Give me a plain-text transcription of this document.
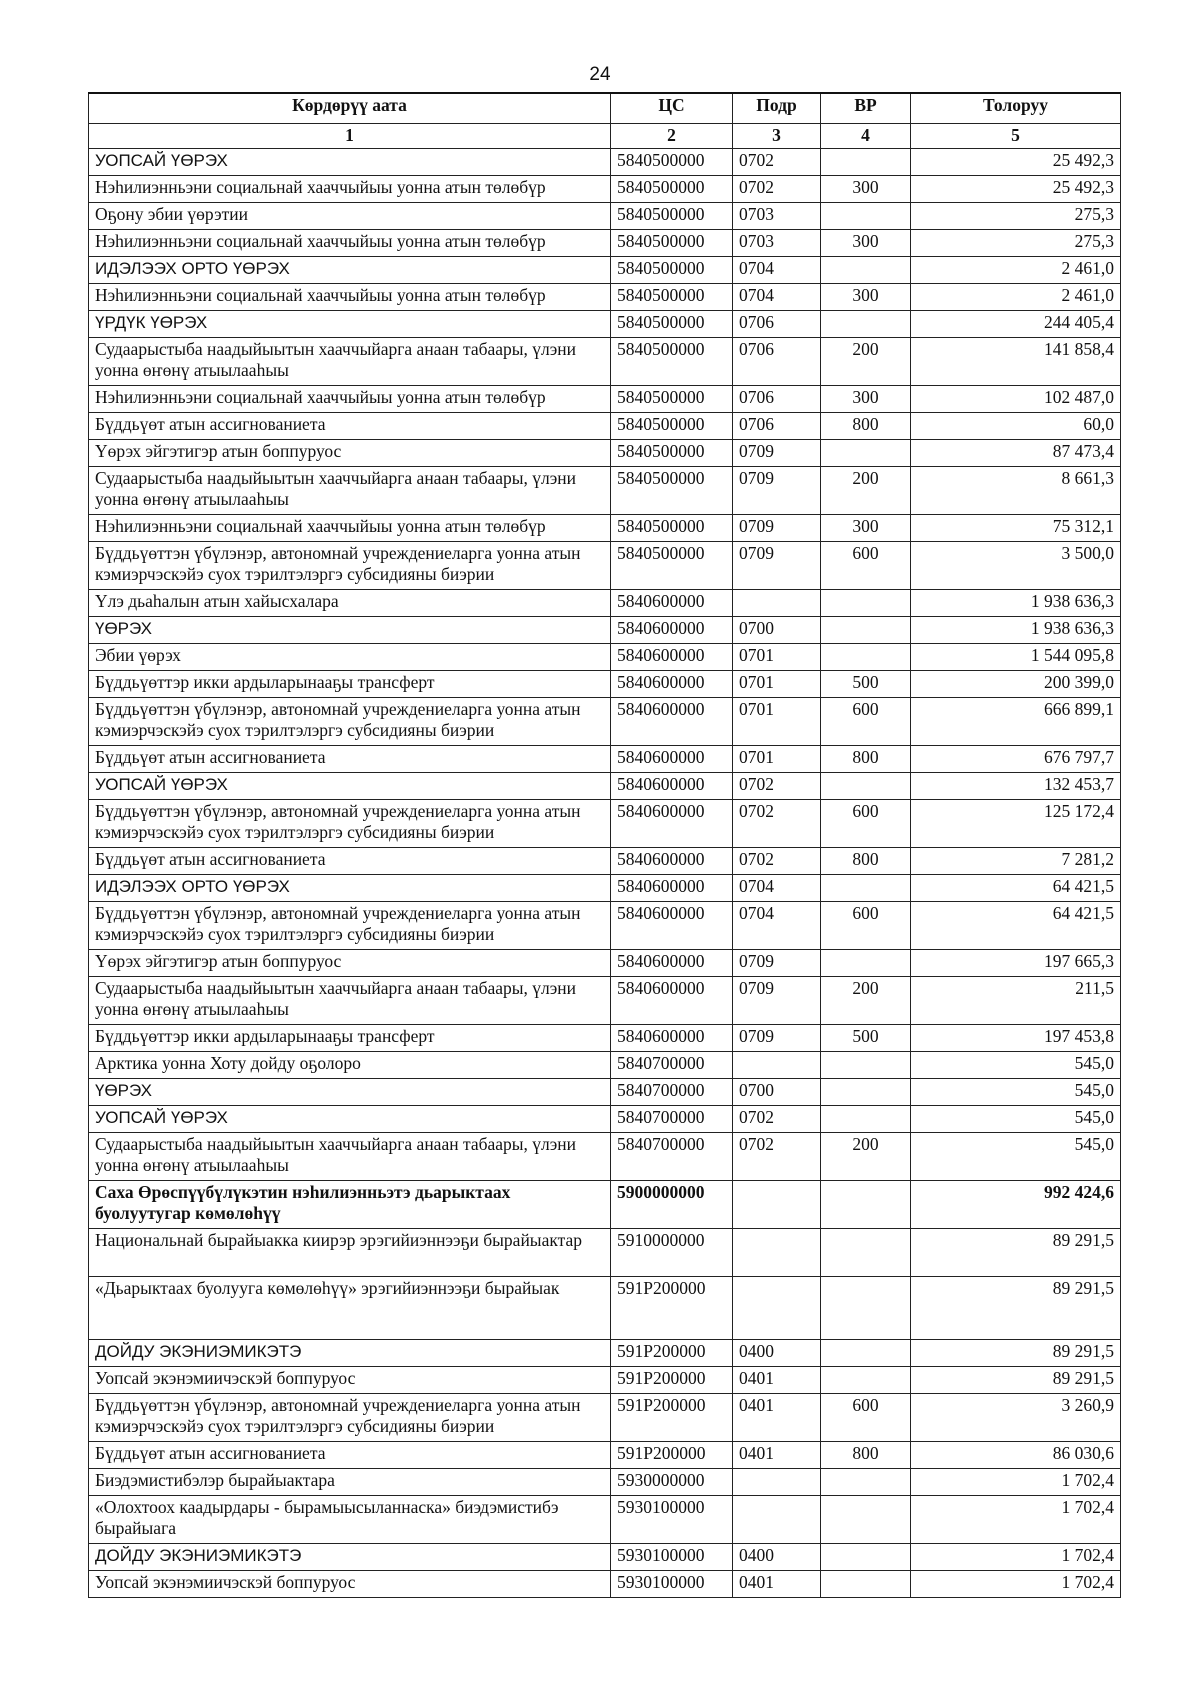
24
Көрдөрүү аата	ЦС	Подр	ВР	Толоруу
1	2	3	4	5
УОПСАЙ ҮӨРЭХ	5840500000	0702		25 492,3
Нэһилиэнньэни социальнай хааччыйыы уонна атын төлөбүр	5840500000	0702	300	25 492,3
Оҕону эбии үөрэтии	5840500000	0703		275,3
Нэһилиэнньэни социальнай хааччыйыы уонна атын төлөбүр	5840500000	0703	300	275,3
ИДЭЛЭЭХ ОРТО ҮӨРЭХ	5840500000	0704		2 461,0
Нэһилиэнньэни социальнай хааччыйыы уонна атын төлөбүр	5840500000	0704	300	2 461,0
ҮРДҮК ҮӨРЭХ	5840500000	0706		244 405,4
Судаарыстыба наадыйыытын хааччыйарга анаан табаары, үлэни уонна өҥөнү атыылааһыы	5840500000	0706	200	141 858,4
Нэһилиэнньэни социальнай хааччыйыы уонна атын төлөбүр	5840500000	0706	300	102 487,0
Бүддьүөт атын ассигнованиета	5840500000	0706	800	60,0
Үөрэх эйгэтигэр атын боппуруос	5840500000	0709		87 473,4
Судаарыстыба наадыйыытын хааччыйарга анаан табаары, үлэни уонна өҥөнү атыылааһыы	5840500000	0709	200	8 661,3
Нэһилиэнньэни социальнай хааччыйыы уонна атын төлөбүр	5840500000	0709	300	75 312,1
Бүддьүөттэн үбүлэнэр, автономнай учреждениеларга уонна атын кэмиэрчэскэйэ суох тэрилтэлэргэ субсидияны биэрии	5840500000	0709	600	3 500,0
Үлэ дьаһалын атын хайысхалара	5840600000			1 938 636,3
ҮӨРЭХ	5840600000	0700		1 938 636,3
Эбии үөрэх	5840600000	0701		1 544 095,8
Бүддьүөттэр икки ардыларынааҕы трансферт	5840600000	0701	500	200 399,0
Бүддьүөттэн үбүлэнэр, автономнай учреждениеларга уонна атын кэмиэрчэскэйэ суох тэрилтэлэргэ субсидияны биэрии	5840600000	0701	600	666 899,1
Бүддьүөт атын ассигнованиета	5840600000	0701	800	676 797,7
УОПСАЙ ҮӨРЭХ	5840600000	0702		132 453,7
Бүддьүөттэн үбүлэнэр, автономнай учреждениеларга уонна атын кэмиэрчэскэйэ суох тэрилтэлэргэ субсидияны биэрии	5840600000	0702	600	125 172,4
Бүддьүөт атын ассигнованиета	5840600000	0702	800	7 281,2
ИДЭЛЭЭХ ОРТО ҮӨРЭХ	5840600000	0704		64 421,5
Бүддьүөттэн үбүлэнэр, автономнай учреждениеларга уонна атын кэмиэрчэскэйэ суох тэрилтэлэргэ субсидияны биэрии	5840600000	0704	600	64 421,5
Үөрэх эйгэтигэр атын боппуруос	5840600000	0709		197 665,3
Судаарыстыба наадыйыытын хааччыйарга анаан табаары, үлэни уонна өҥөнү атыылааһыы	5840600000	0709	200	211,5
Бүддьүөттэр икки ардыларынааҕы трансферт	5840600000	0709	500	197 453,8
Арктика уонна Хоту дойду оҕолоро	5840700000			545,0
ҮӨРЭХ	5840700000	0700		545,0
УОПСАЙ ҮӨРЭХ	5840700000	0702		545,0
Судаарыстыба наадыйыытын хааччыйарга анаан табаары, үлэни уонна өҥөнү атыылааһыы	5840700000	0702	200	545,0
Саха Өрөспүүбүлүкэтин нэһилиэнньэтэ дьарыктаах буолуутугар көмөлөһүү	5900000000			992 424,6
Национальнай бырайыакка киирэр эрэгийиэннээҕи бырайыактар	5910000000			89 291,5
«Дьарыктаах буолууга көмөлөһүү» эрэгийиэннээҕи бырайыак	591P200000			89 291,5
ДОЙДУ ЭКЭНИЭМИКЭТЭ	591P200000	0400		89 291,5
Уопсай экэнэмиичэскэй боппуруос	591P200000	0401		89 291,5
Бүддьүөттэн үбүлэнэр, автономнай учреждениеларга уонна атын кэмиэрчэскэйэ суох тэрилтэлэргэ субсидияны биэрии	591P200000	0401	600	3 260,9
Бүддьүөт атын ассигнованиета	591P200000	0401	800	86 030,6
Биэдэмистибэлэр бырайыактара	5930000000			1 702,4
«Олохтоох каадырдары - бырамыысыланнаска» биэдэмистибэ бырайыага	5930100000			1 702,4
ДОЙДУ ЭКЭНИЭМИКЭТЭ	5930100000	0400		1 702,4
Уопсай экэнэмиичэскэй боппуруос	5930100000	0401		1 702,4
